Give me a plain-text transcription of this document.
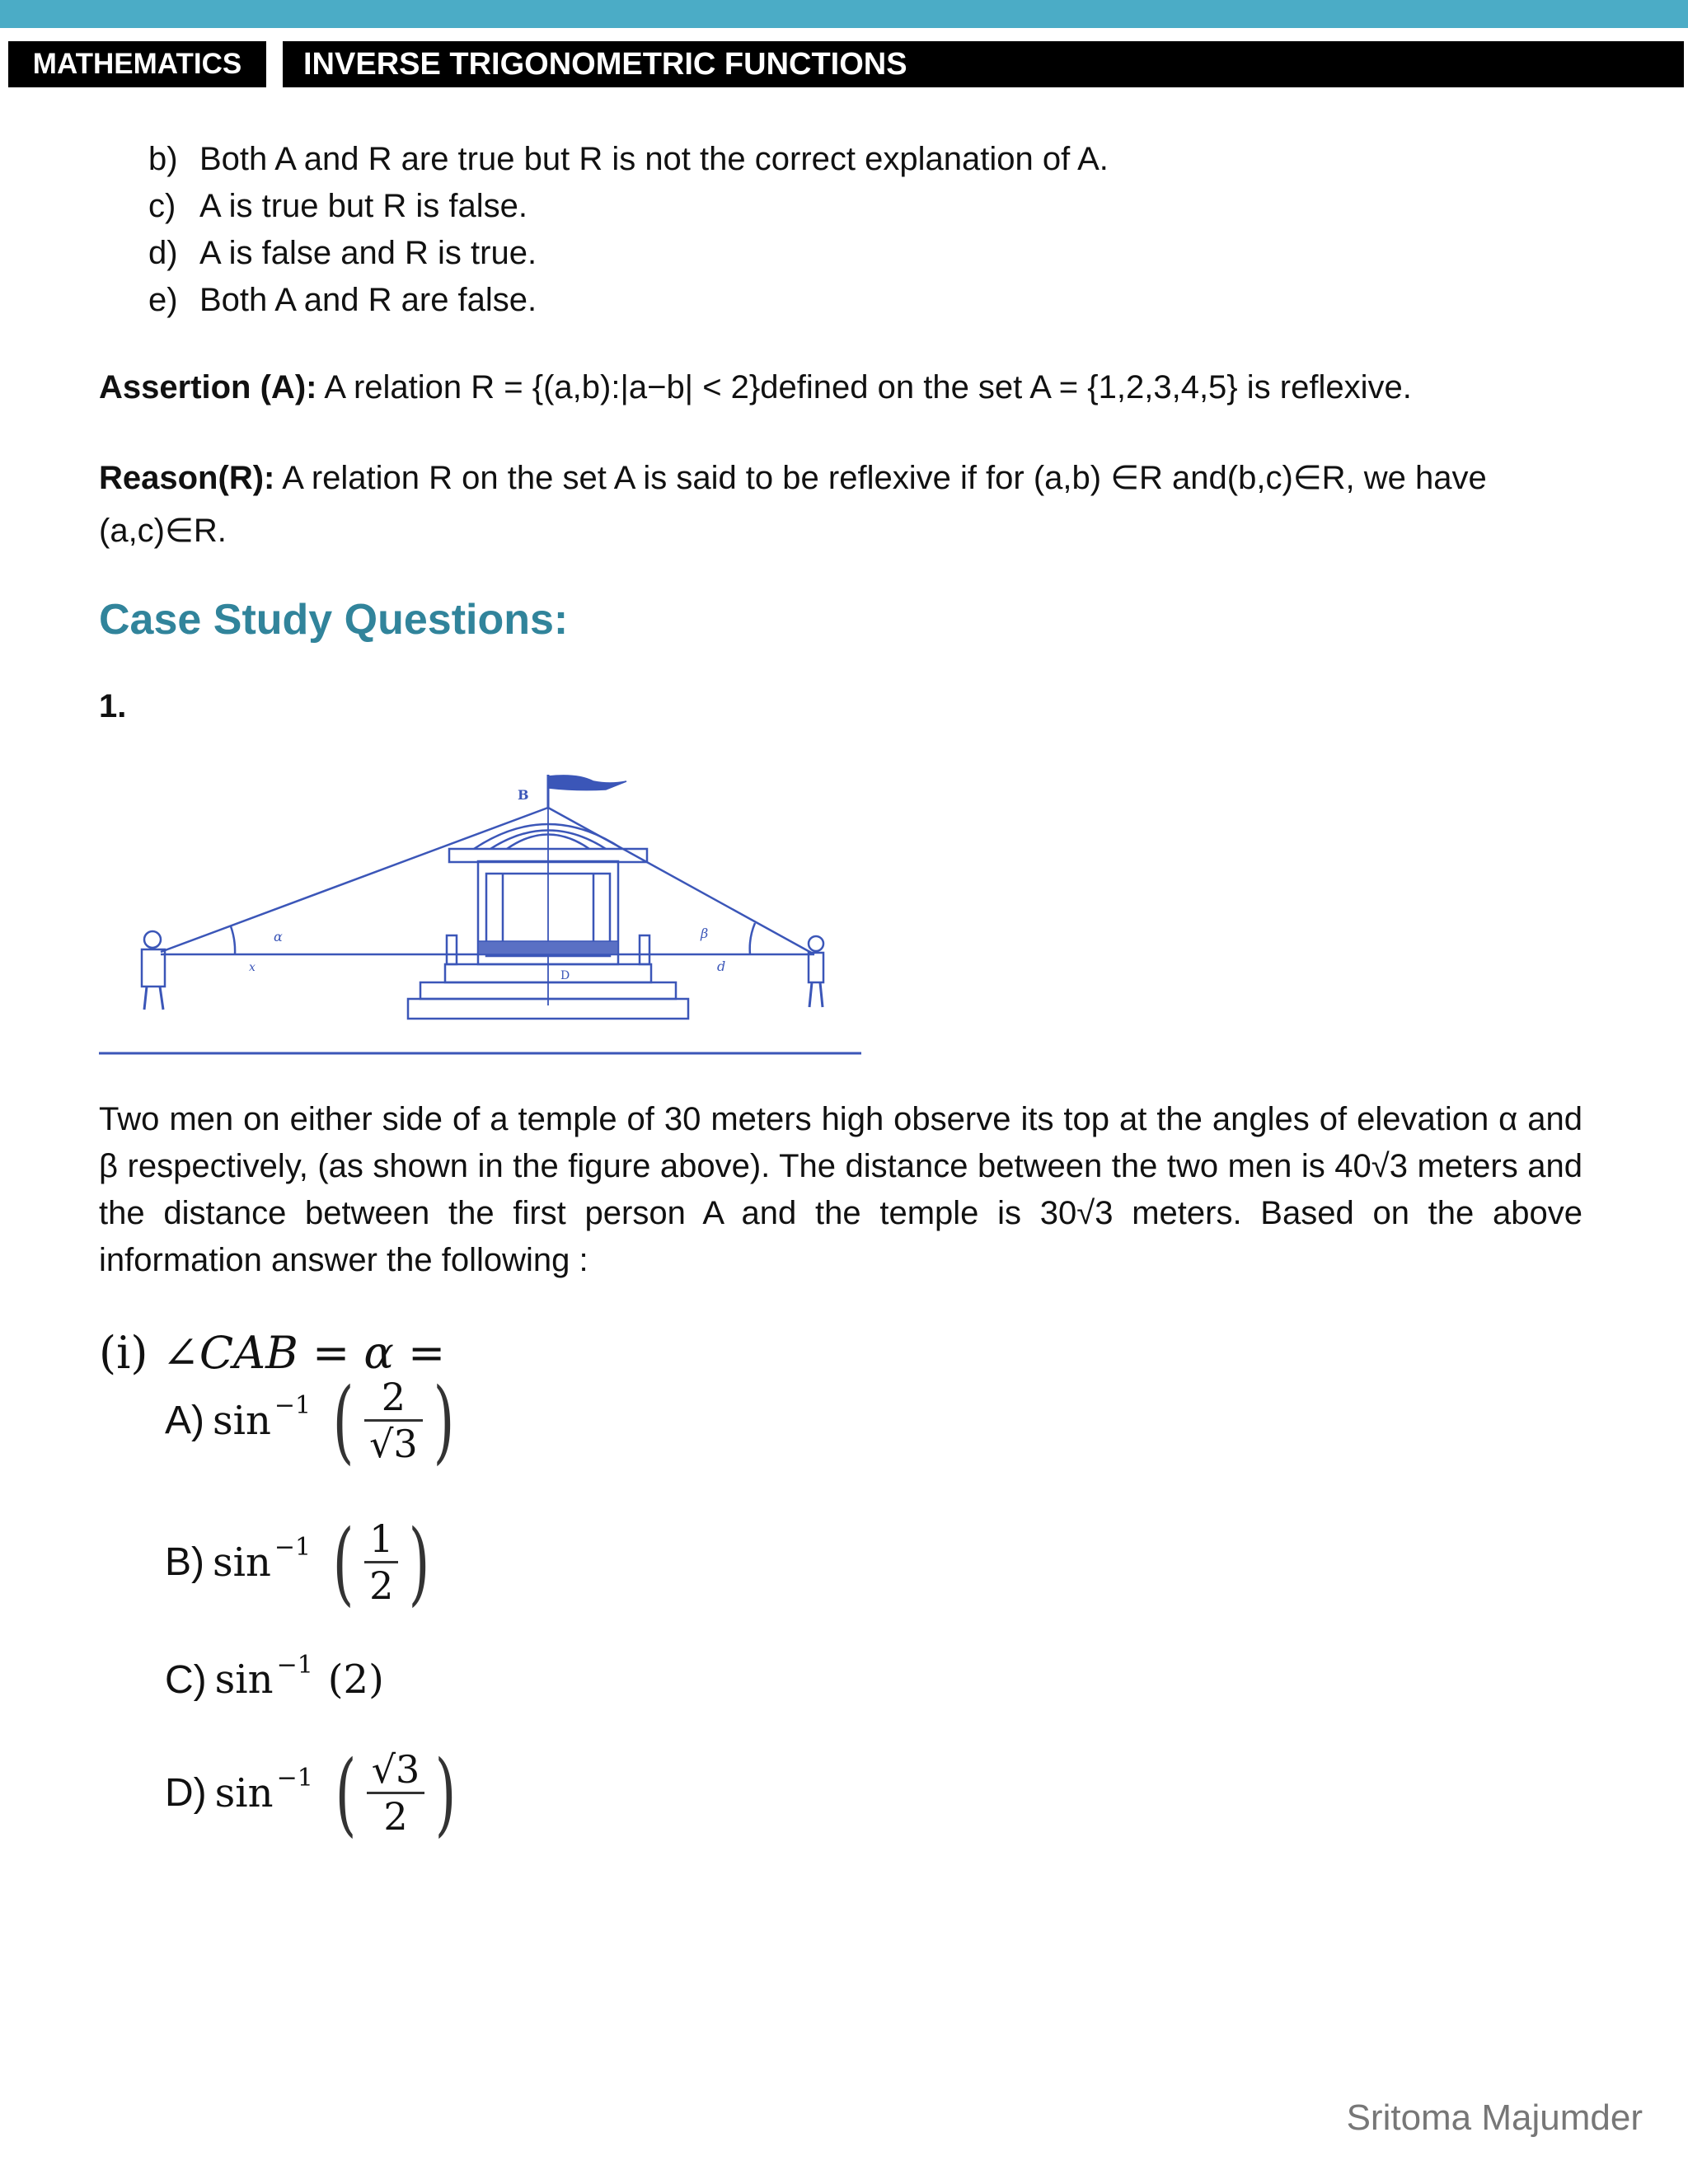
MATHEMATICS	INVERSE TRIGONOMETRIC FUNCTIONS
b) Both A and R are true but R is not the correct explanation of A.
c) A is true but R is false.
d) A is false and R is true.
e) Both A and R are false.
Assertion (A): A relation R = {(a,b):|a−b| < 2}defined on the set A = {1,2,3,4,5} is reflexive.
Reason(R): A relation R on the set A is said to be reflexive if for (a,b) ∈R and(b,c)∈R, we have (a,c)∈R.
Case Study Questions:
1.
B
α	β
d
x
D
Two men on either side of a temple of 30 meters high observe its top at the angles of elevation α and β respectively, (as shown in the figure above). The distance between the two men is 40√3 meters and the distance between the first person A and the temple is 30√3 meters. Based on the above information answer the following :
(i) ∠CAB = α =
A) $\sin^{-1}$ ( $\frac{2}{√3}$ )
B) $\sin^{-1}$ ( $\frac{1}{2}$ )
C) $\sin^{-1} (2)$
D) $\sin^{-1}$ ( $\frac{√3}{2}$ )
Sritoma Majumder
